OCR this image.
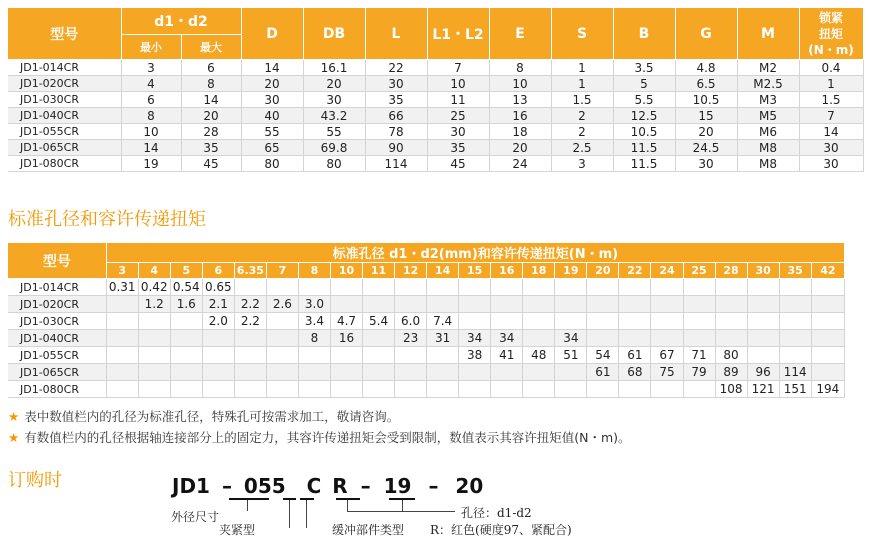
型号	d1・d2		D	DB	L	L1・L2	E	S	B	G	M	锁紧
扭矩
(N・m)

	最小	最大										
JD1-014CR	3	6	14	16.1	22	7	8	1	3.5	4.8	M2	0.4
JD1-020CR	4	8	20	20	30	10	10	1	5	6.5	M2.5	1
JD1-030CR	6	14	30	30	35	11	13	1.5	5.5	10.5	M3	1.5
JD1-040CR	8	20	40	43.2	66	25	16	2	12.5	15	M5	7
JD1-055CR	10	28	55	55	78	30	18	2	10.5	20	M6	14
JD1-065CR	14	35	65	69.8	90	35	20	2.5	11.5	24.5	M8	30
JD1-080CR	19	45	80	80	114	45	24	3	11.5	30	M8	30
标准孔径和容许传递扭矩
型号	标准孔径 d1・d2(mm)和容许传递扭矩(N・m)																						
	3	4	5	6	6.35	7	8	10	11	12	14	15	16	18	19	20	22	24	25	28	30	35	42
JD1-014CR	0.31	0.42	0.54	0.65																			
JD1-020CR		1.2	1.6	2.1	2.2	2.6	3.0																
JD1-030CR				2.0	2.2		3.4	4.7	5.4	6.0	7.4												
JD1-040CR							8	16		23	31	34	34		34								
JD1-055CR												38	41	48	51	54	61	67	71	80			
JD1-065CR																61	68	75	79	89	96	114	
JD1-080CR																				108	121	151	194
★ 表中数值栏内的孔径为标准孔径，特殊孔可按需求加工，敬请咨询。
★ 有数值栏内的孔径根据轴连接部分上的固定力，其容许传递扭矩会受到限制，数值表示其容许扭矩值(N・m)。
订购时	JD1 – 055 C R – 19 – 20
外径尺寸
夹紧型	缓冲部件类型 R：红色(硬度97、紧配合)
孔径：d1-d2
